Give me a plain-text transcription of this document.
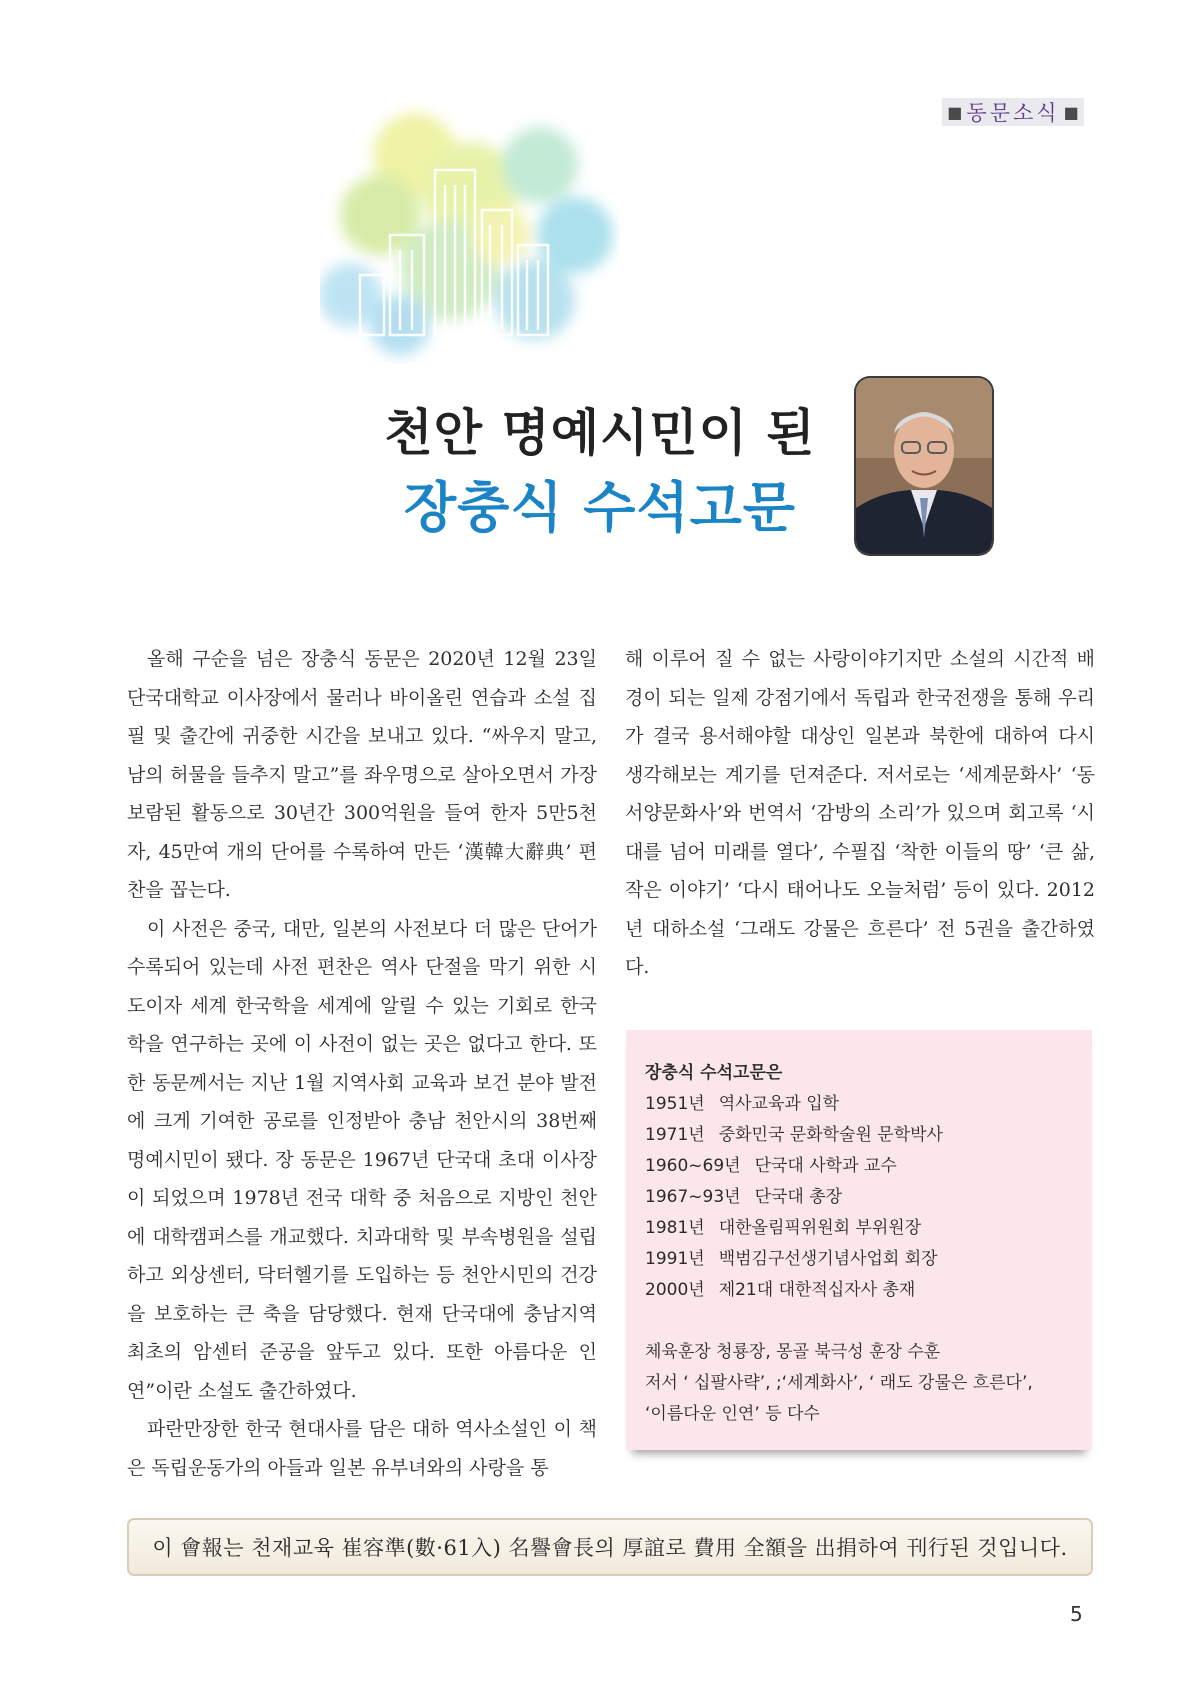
■ 동문소식 ■
천안 명예시민이 된
장충식 수석고문

올해 구순을 넘은 장충식 동문은 2020년 12월 23일 단국대학교 이사장에서 물러나 바이올린 연습과 소설 집필 및 출간에 귀중한 시간을 보내고 있다. “싸우지 말고, 남의 허물을 들추지 말고”를 좌우명으로 살아오면서 가장 보람된 활동으로 30년간 300억원을 들여 한자 5만5천자, 45만여 개의 단어를 수록하여 만든 ‘漢韓大辭典’ 편찬을 꼽는다.

이 사전은 중국, 대만, 일본의 사전보다 더 많은 단어가 수록되어 있는데 사전 편찬은 역사 단절을 막기 위한 시도이자 세계 한국학을 세계에 알릴 수 있는 기회로 한국학을 연구하는 곳에 이 사전이 없는 곳은 없다고 한다. 또한 동문께서는 지난 1월 지역사회 교육과 보건 분야 발전에 크게 기여한 공로를 인정받아 충남 천안시의 38번째 명예시민이 됐다. 장 동문은 1967년 단국대 초대 이사장이 되었으며 1978년 전국 대학 중 처음으로 지방인 천안에 대학캠퍼스를 개교했다. 치과대학 및 부속병원을 설립하고 외상센터, 닥터헬기를 도입하는 등 천안시민의 건강을 보호하는 큰 축을 담당했다. 현재 단국대에 충남지역 최초의 암센터 준공을 앞두고 있다. 또한 아름다운 인연”이란 소설도 출간하였다.

파란만장한 한국 현대사를 담은 대하 역사소설인 이 책은 독립운동가의 아들과 일본 유부녀와의 사랑을 통

해 이루어 질 수 없는 사랑이야기지만 소설의 시간적 배경이 되는 일제 강점기에서 독립과 한국전쟁을 통해 우리가 결국 용서해야할 대상인 일본과 북한에 대하여 다시 생각해보는 계기를 던져준다. 저서로는 ‘세계문화사’ ‘동서양문화사’와 번역서 ‘감방의 소리’가 있으며 회고록 ‘시대를 넘어 미래를 열다’, 수필집 ‘착한 이들의 땅’ ‘큰 삶, 작은 이야기’ ‘다시 태어나도 오늘처럼’ 등이 있다. 2012년 대하소설 ‘그래도 강물은 흐른다’ 전 5권을 출간하였다.

장충식 수석고문은
1951년 역사교육과 입학
1971년 중화민국 문화학술원 문학박사
1960~69년 단국대 사학과 교수
1967~93년 단국대 총장
1981년 대한올림픽위원회 부위원장
1991년 백범김구선생기념사업회 회장
2000년 제21대 대한적십자사 총재
체육훈장 청룡장, 몽골 북극성 훈장 수훈
저서 ‘ 십팔사략’, ;‘세계화사’, ‘ 래도 강물은 흐른다’,
‘이름다운 인연’ 등 다수
이 會報는 천재교육 崔容準(數·61入) 名譽會長의 厚誼로 費用 全額을 出捐하여 刊行된 것입니다.
5
